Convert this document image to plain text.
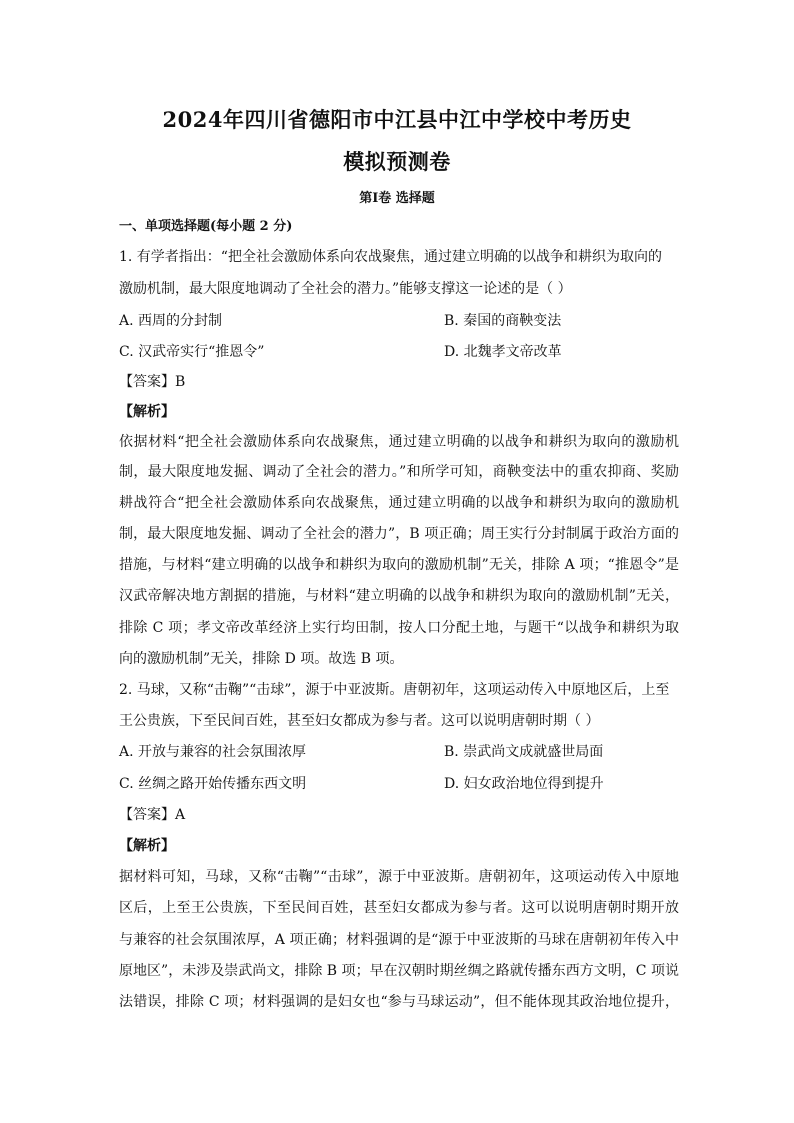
2024年四川省德阳市中江县中江中学校中考历史
模拟预测卷
第I卷 选择题
一、单项选择题(每小题 2 分)
1. 有学者指出：“把全社会激励体系向农战聚焦，通过建立明确的以战争和耕织为取向的
激励机制，最大限度地调动了全社会的潜力。”能够支撑这一论述的是（ ）
A. 西周的分封制	B. 秦国的商鞅变法
C. 汉武帝实行“推恩令”	D. 北魏孝文帝改革
【答案】B
【解析】
依据材料“把全社会激励体系向农战聚焦，通过建立明确的以战争和耕织为取向的激励机
制，最大限度地发掘、调动了全社会的潜力。”和所学可知，商鞅变法中的重农抑商、奖励
耕战符合“把全社会激励体系向农战聚焦，通过建立明确的以战争和耕织为取向的激励机
制，最大限度地发掘、调动了全社会的潜力”，B 项正确；周王实行分封制属于政治方面的
措施，与材料“建立明确的以战争和耕织为取向的激励机制”无关，排除 A 项；“推恩令”是
汉武帝解决地方割据的措施，与材料“建立明确的以战争和耕织为取向的激励机制”无关，
排除 C 项；孝文帝改革经济上实行均田制，按人口分配土地，与题干“以战争和耕织为取
向的激励机制”无关，排除 D 项。故选 B 项。
2. 马球，又称“击鞠”“击球”，源于中亚波斯。唐朝初年，这项运动传入中原地区后，上至
王公贵族，下至民间百姓，甚至妇女都成为参与者。这可以说明唐朝时期（ ）
A. 开放与兼容的社会氛围浓厚	B. 崇武尚文成就盛世局面
C. 丝绸之路开始传播东西文明	D. 妇女政治地位得到提升
【答案】A
【解析】
据材料可知，马球，又称“击鞠”“击球”，源于中亚波斯。唐朝初年，这项运动传入中原地
区后，上至王公贵族，下至民间百姓，甚至妇女都成为参与者。这可以说明唐朝时期开放
与兼容的社会氛围浓厚，A 项正确；材料强调的是“源于中亚波斯的马球在唐朝初年传入中
原地区”，未涉及崇武尚文，排除 B 项；早在汉朝时期丝绸之路就传播东西方文明，C 项说
法错误，排除 C 项；材料强调的是妇女也“参与马球运动”，但不能体现其政治地位提升，
